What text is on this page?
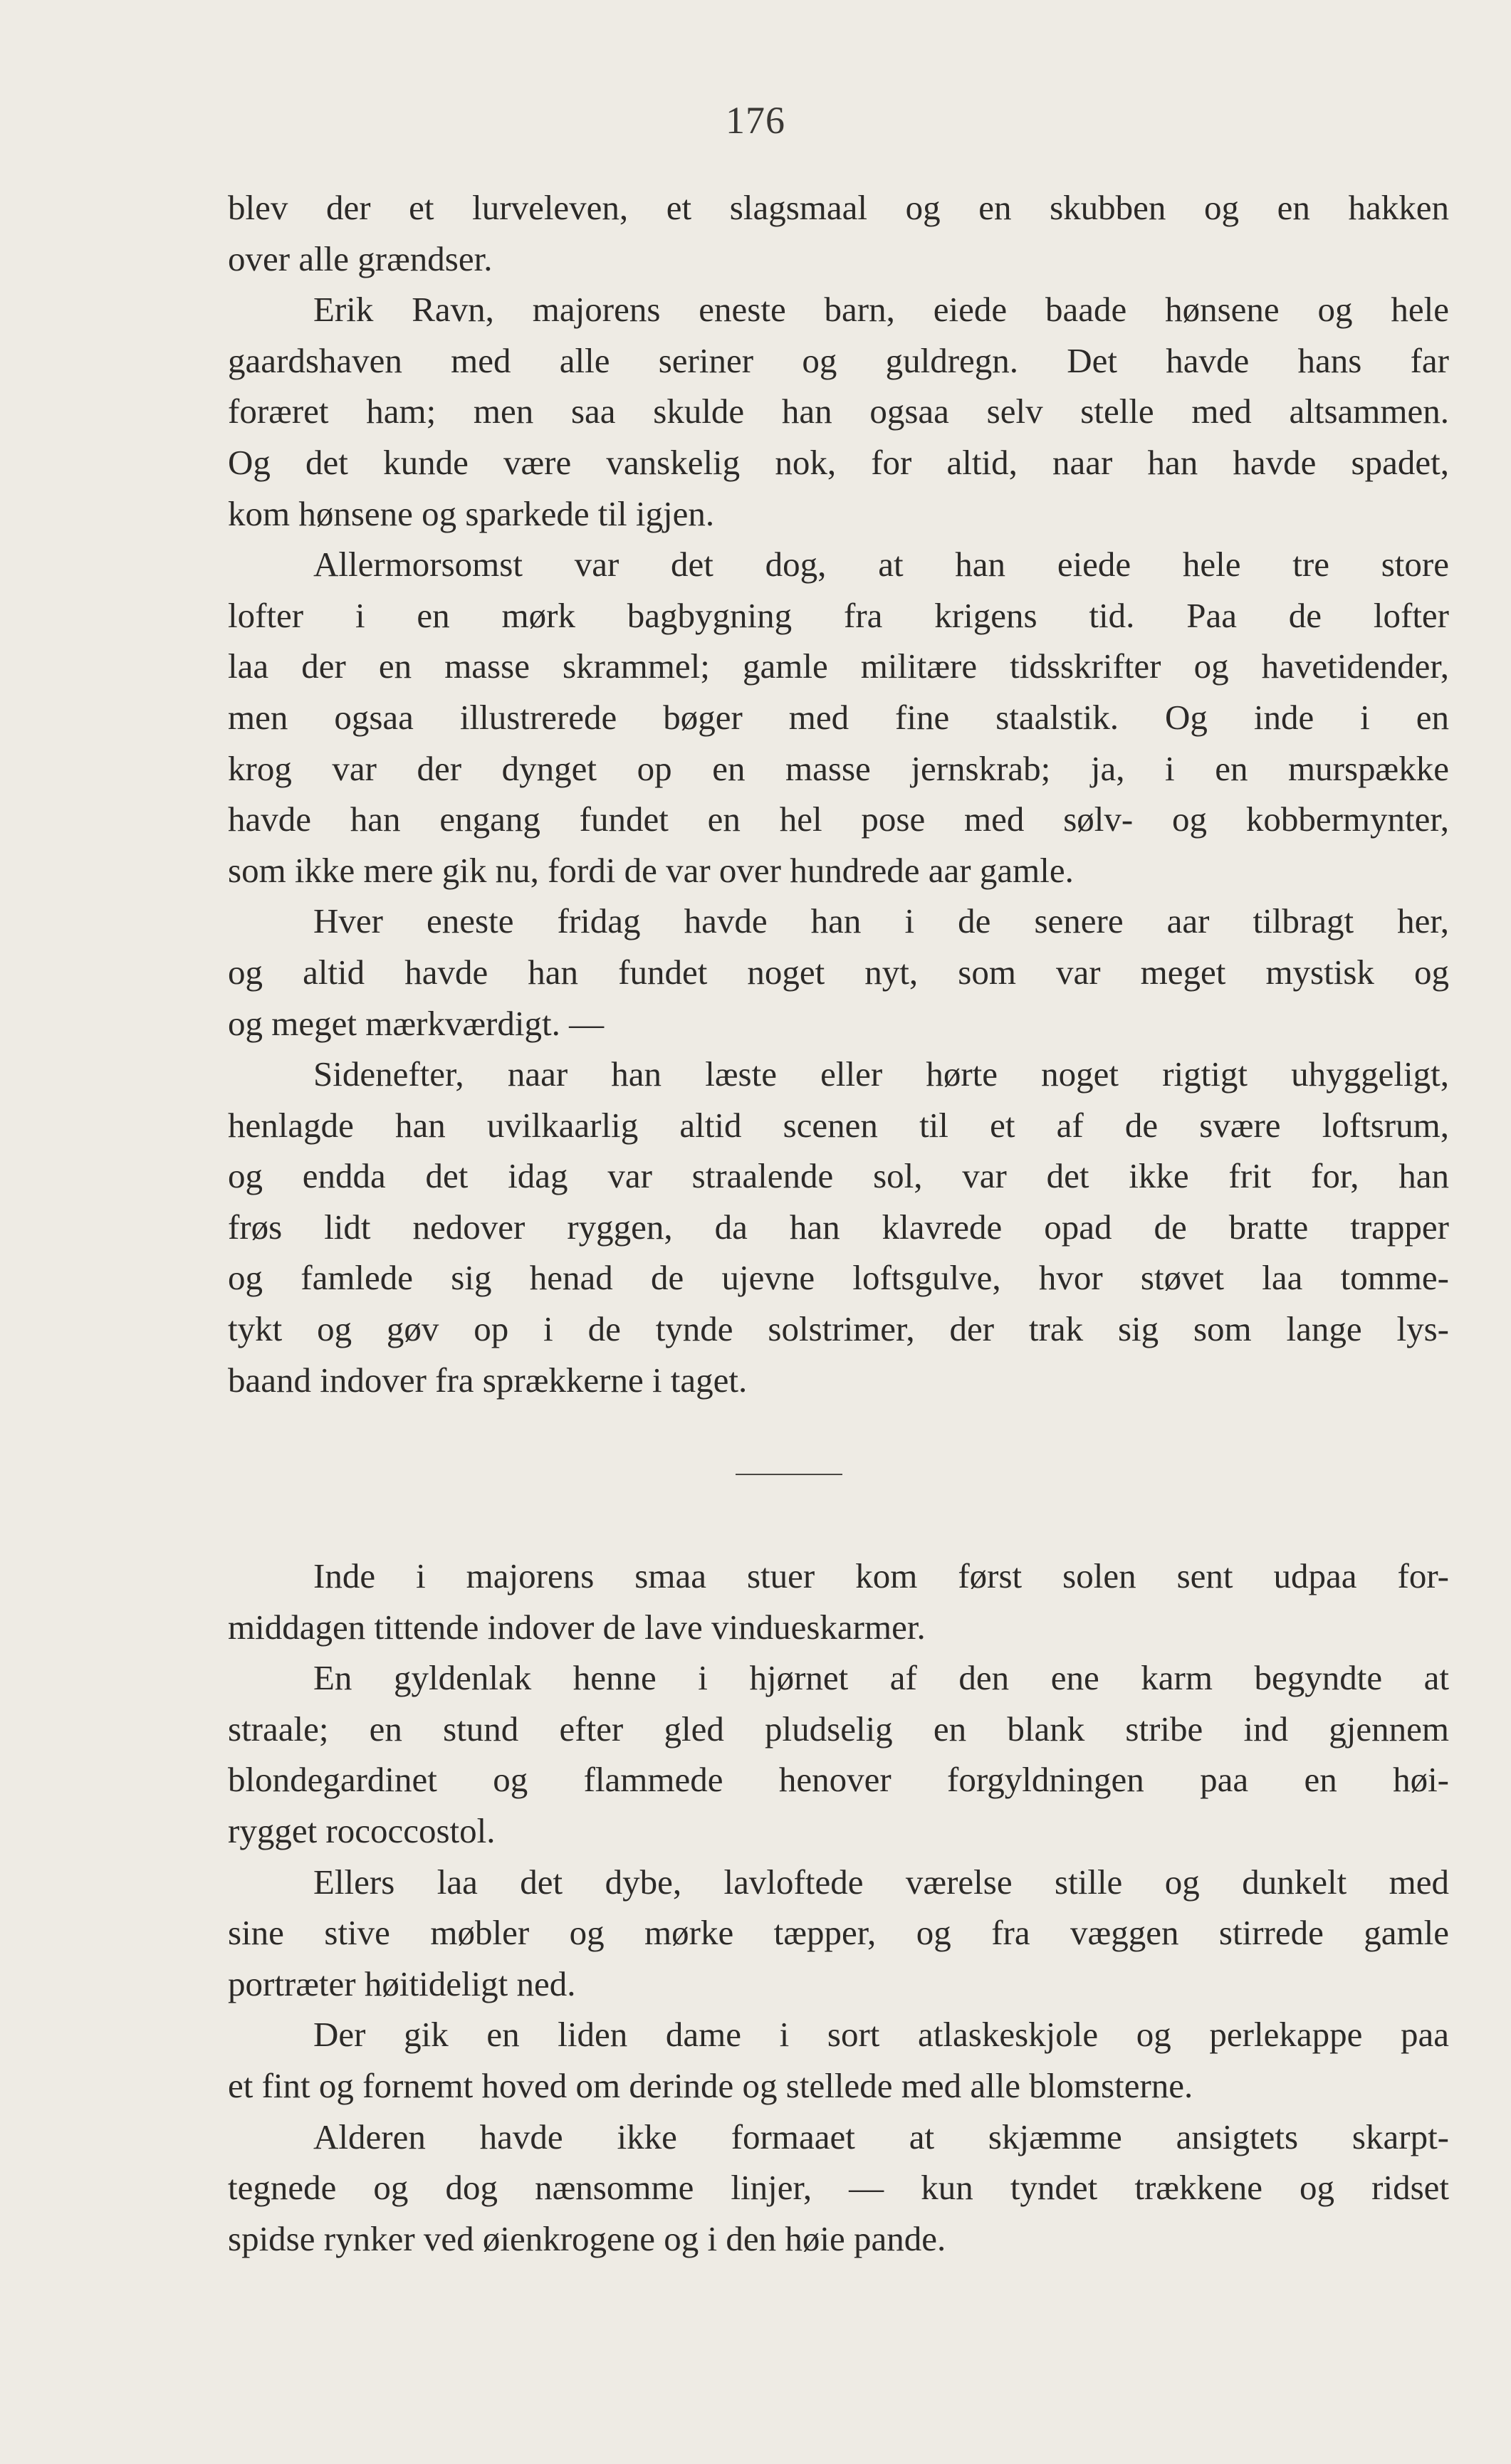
176
blev der et lurveleven, et slagsmaal og en skubben og en hakken
over alle grændser.
Erik Ravn, majorens eneste barn, eiede baade hønsene og hele
gaardshaven med alle seriner og guldregn. Det havde hans far
foræret ham; men saa skulde han ogsaa selv stelle med altsammen.
Og det kunde være vanskelig nok, for altid, naar han havde spadet,
kom hønsene og sparkede til igjen.
Allermorsomst var det dog, at han eiede hele tre store
lofter i en mørk bagbygning fra krigens tid. Paa de lofter
laa der en masse skrammel; gamle militære tidsskrifter og havetidender,
men ogsaa illustrerede bøger med fine staalstik. Og inde i en
krog var der dynget op en masse jernskrab; ja, i en murspække
havde han engang fundet en hel pose med sølv- og kobbermynter,
som ikke mere gik nu, fordi de var over hundrede aar gamle.
Hver eneste fridag havde han i de senere aar tilbragt her,
og altid havde han fundet noget nyt, som var meget mystisk og
og meget mærkværdigt. —
Sidenefter, naar han læste eller hørte noget rigtigt uhyggeligt,
henlagde han uvilkaarlig altid scenen til et af de svære loftsrum,
og endda det idag var straalende sol, var det ikke frit for, han
frøs lidt nedover ryggen, da han klavrede opad de bratte trapper
og famlede sig henad de ujevne loftsgulve, hvor støvet laa tomme-
tykt og gøv op i de tynde solstrimer, der trak sig som lange lys-
baand indover fra sprækkerne i taget.
Inde i majorens smaa stuer kom først solen sent udpaa for-
middagen tittende indover de lave vindueskarmer.
En gyldenlak henne i hjørnet af den ene karm begyndte at
straale; en stund efter gled pludselig en blank stribe ind gjennem
blondegardinet og flammede henover forgyldningen paa en høi-
rygget rococcostol.
Ellers laa det dybe, lavloftede værelse stille og dunkelt med
sine stive møbler og mørke tæpper, og fra væggen stirrede gamle
portræter høitideligt ned.
Der gik en liden dame i sort atlaskeskjole og perlekappe paa
et fint og fornemt hoved om derinde og stellede med alle blomsterne.
Alderen havde ikke formaaet at skjæmme ansigtets skarpt-
tegnede og dog nænsomme linjer, — kun tyndet trækkene og ridset
spidse rynker ved øienkrogene og i den høie pande.
